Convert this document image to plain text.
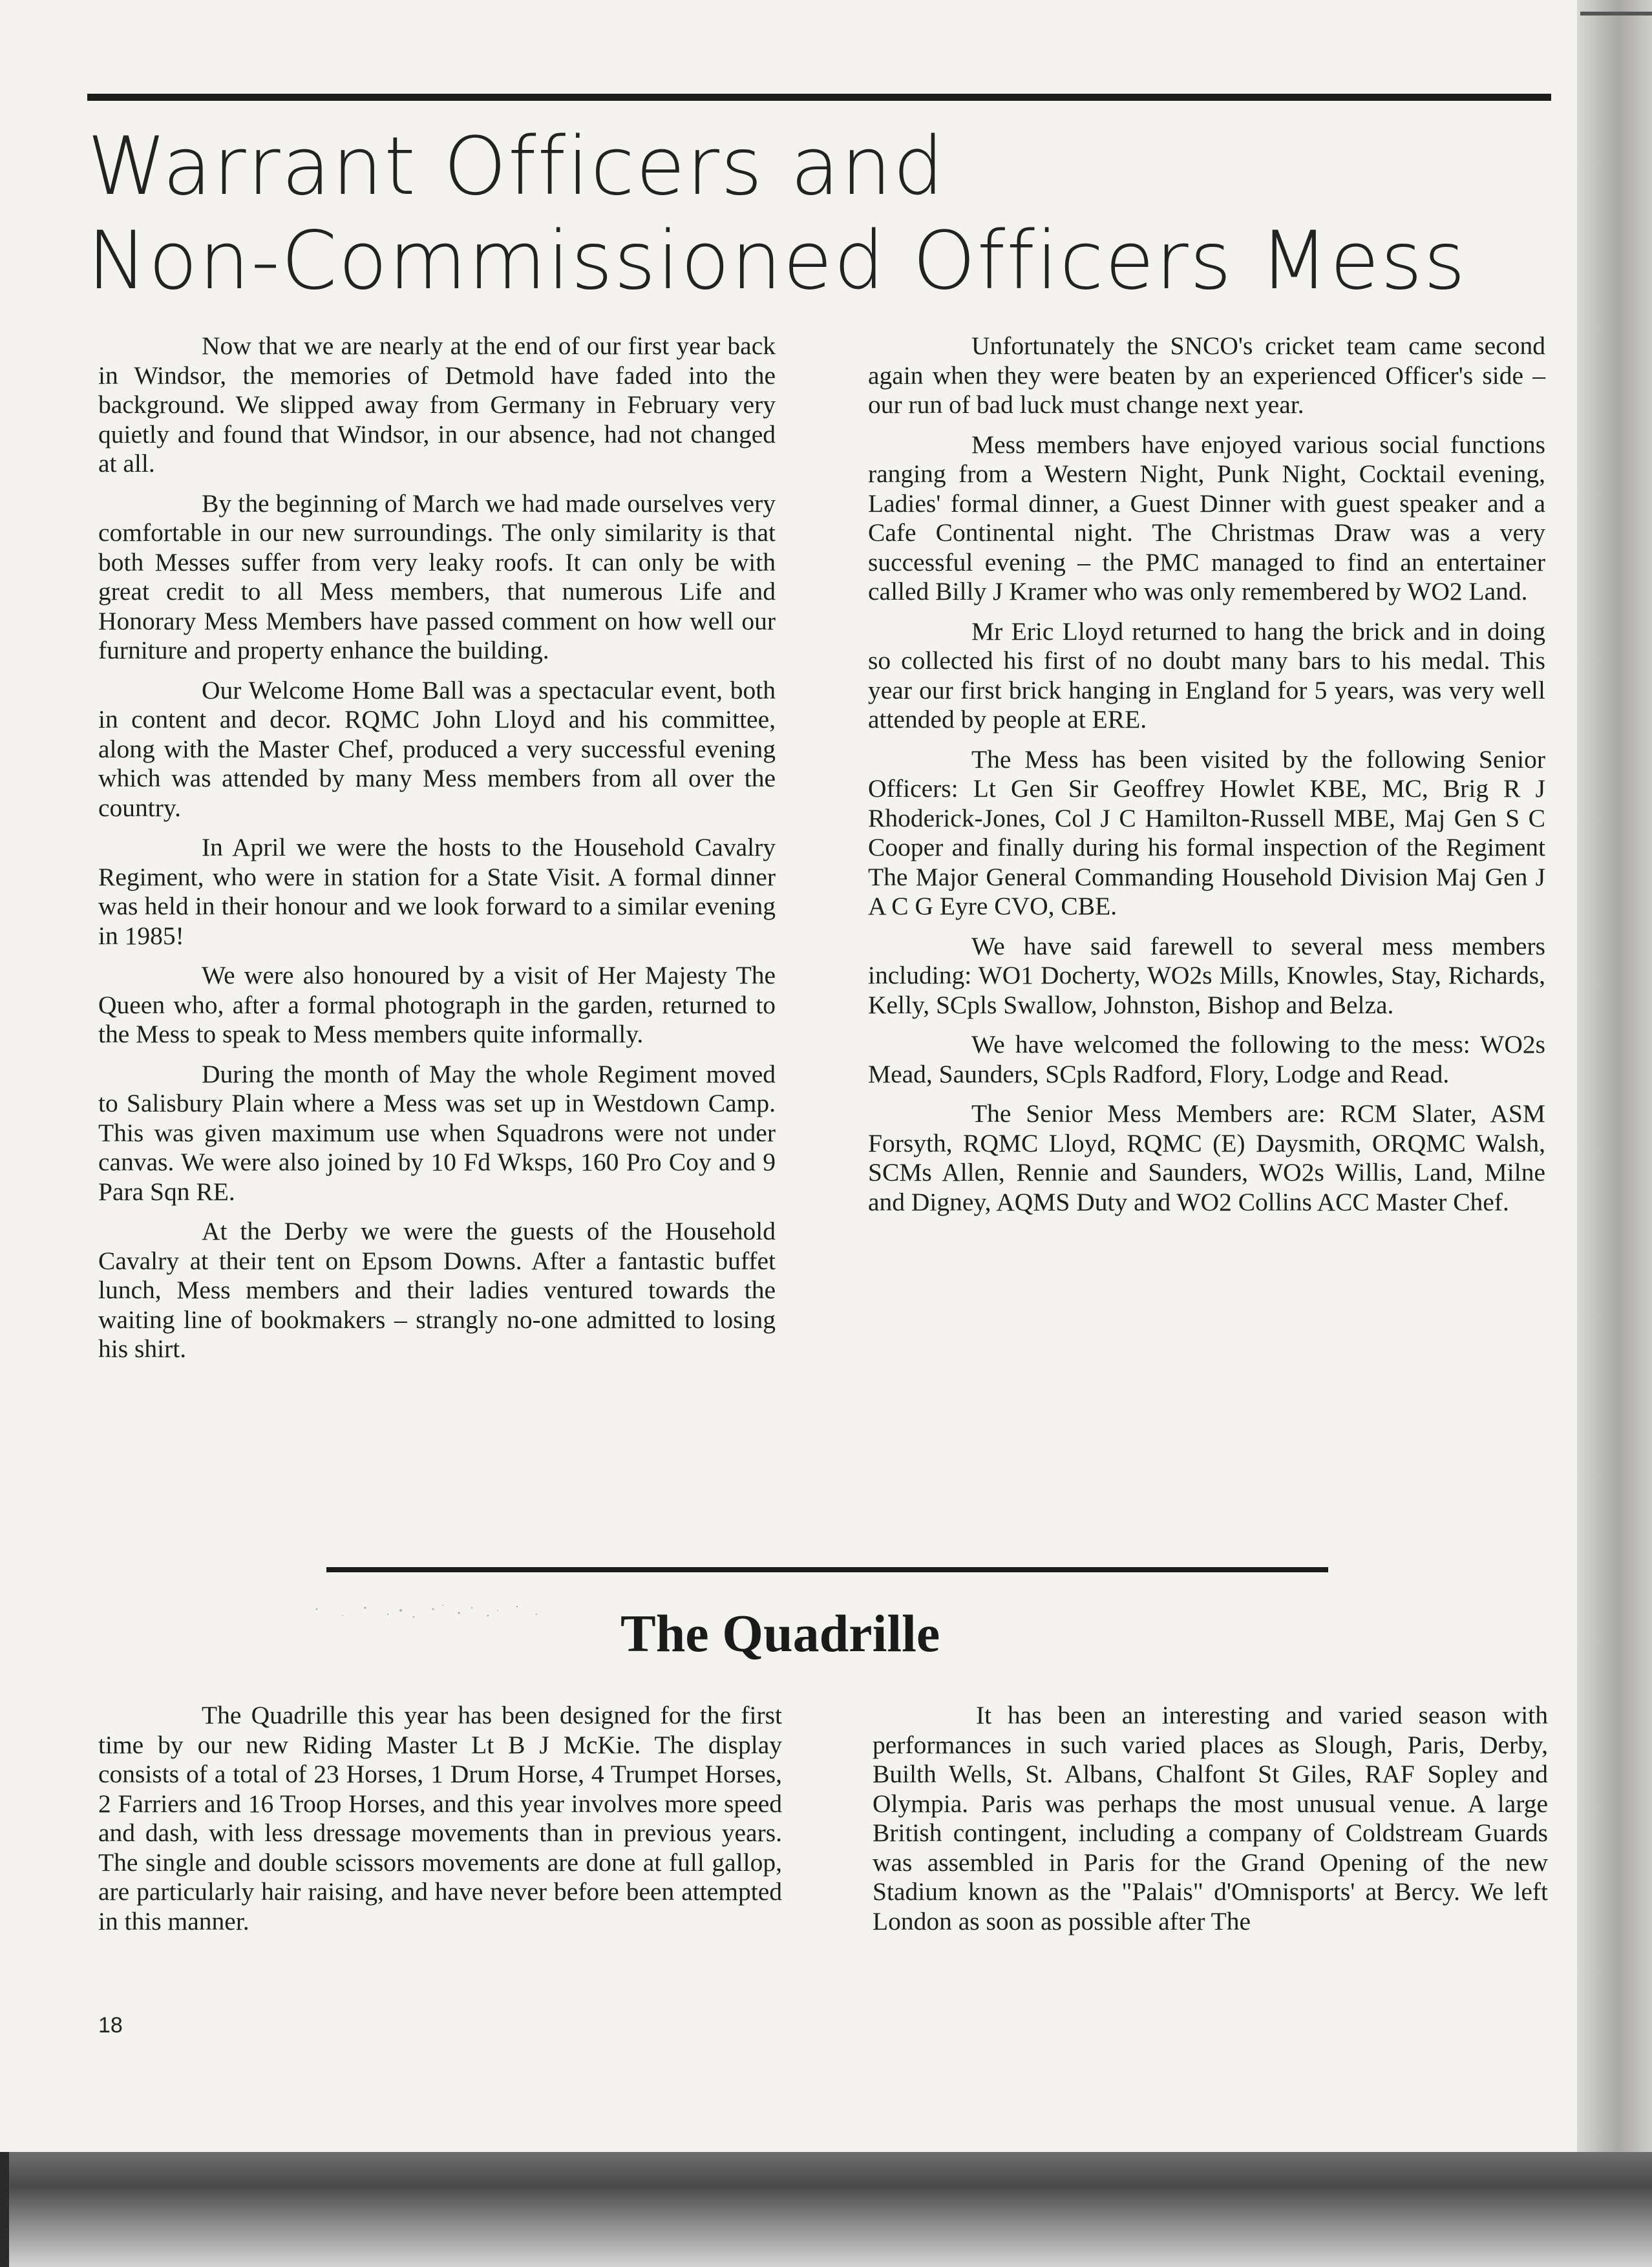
Warrant Officers and
Non-Commissioned Officers Mess

Now that we are nearly at the end of our first year back in Windsor, the memories of Detmold have faded into the background. We slipped away from Germany in February very quietly and found that Windsor, in our absence, had not changed at all.

By the beginning of March we had made ourselves very comfortable in our new surroundings. The only similarity is that both Messes suffer from very leaky roofs. It can only be with great credit to all Mess members, that numerous Life and Honorary Mess Members have passed comment on how well our furniture and property enhance the building.

Our Welcome Home Ball was a spectacular event, both in content and decor. RQMC John Lloyd and his committee, along with the Master Chef, produced a very successful evening which was attended by many Mess members from all over the country.

In April we were the hosts to the Household Cavalry Regiment, who were in station for a State Visit. A formal dinner was held in their honour and we look forward to a similar evening in 1985!

We were also honoured by a visit of Her Majesty The Queen who, after a formal photograph in the garden, returned to the Mess to speak to Mess members quite informally.

During the month of May the whole Regiment moved to Salisbury Plain where a Mess was set up in Westdown Camp. This was given maximum use when Squadrons were not under canvas. We were also joined by 10 Fd Wksps, 160 Pro Coy and 9 Para Sqn RE.

At the Derby we were the guests of the Household Cavalry at their tent on Epsom Downs. After a fantastic buffet lunch, Mess members and their ladies ventured towards the waiting line of bookmakers – strangly no-one admitted to losing his shirt.

Unfortunately the SNCO's cricket team came second again when they were beaten by an experienced Officer's side – our run of bad luck must change next year.

Mess members have enjoyed various social functions ranging from a Western Night, Punk Night, Cocktail evening, Ladies' formal dinner, a Guest Dinner with guest speaker and a Cafe Continental night. The Christmas Draw was a very successful evening – the PMC managed to find an entertainer called Billy J Kramer who was only remembered by WO2 Land.

Mr Eric Lloyd returned to hang the brick and in doing so collected his first of no doubt many bars to his medal. This year our first brick hanging in England for 5 years, was very well attended by people at ERE.

The Mess has been visited by the following Senior Officers: Lt Gen Sir Geoffrey Howlet KBE, MC, Brig R J Rhoderick-Jones, Col J C Hamilton-Russell MBE, Maj Gen S C Cooper and finally during his formal inspection of the Regiment The Major General Commanding Household Division Maj Gen J A C G Eyre CVO, CBE.

We have said farewell to several mess members including: WO1 Docherty, WO2s Mills, Knowles, Stay, Richards, Kelly, SCpls Swallow, Johnston, Bishop and Belza.

We have welcomed the following to the mess: WO2s Mead, Saunders, SCpls Radford, Flory, Lodge and Read.

The Senior Mess Members are: RCM Slater, ASM Forsyth, RQMC Lloyd, RQMC (E) Daysmith, ORQMC Walsh, SCMs Allen, Rennie and Saunders, WO2s Willis, Land, Milne and Digney, AQMS Duty and WO2 Collins ACC Master Chef.

The Quadrille

The Quadrille this year has been designed for the first time by our new Riding Master Lt B J McKie. The display consists of a total of 23 Horses, 1 Drum Horse, 4 Trumpet Horses, 2 Farriers and 16 Troop Horses, and this year involves more speed and dash, with less dressage movements than in previous years. The single and double scissors movements are done at full gallop, are particularly hair raising, and have never before been attempted in this manner.

It has been an interesting and varied season with performances in such varied places as Slough, Paris, Derby, Builth Wells, St. Albans, Chalfont St Giles, RAF Sopley and Olympia. Paris was perhaps the most unusual venue. A large British contingent, including a company of Coldstream Guards was assembled in Paris for the Grand Opening of the new Stadium known as the "Palais" d'Omnisports' at Bercy. We left London as soon as possible after The

18
